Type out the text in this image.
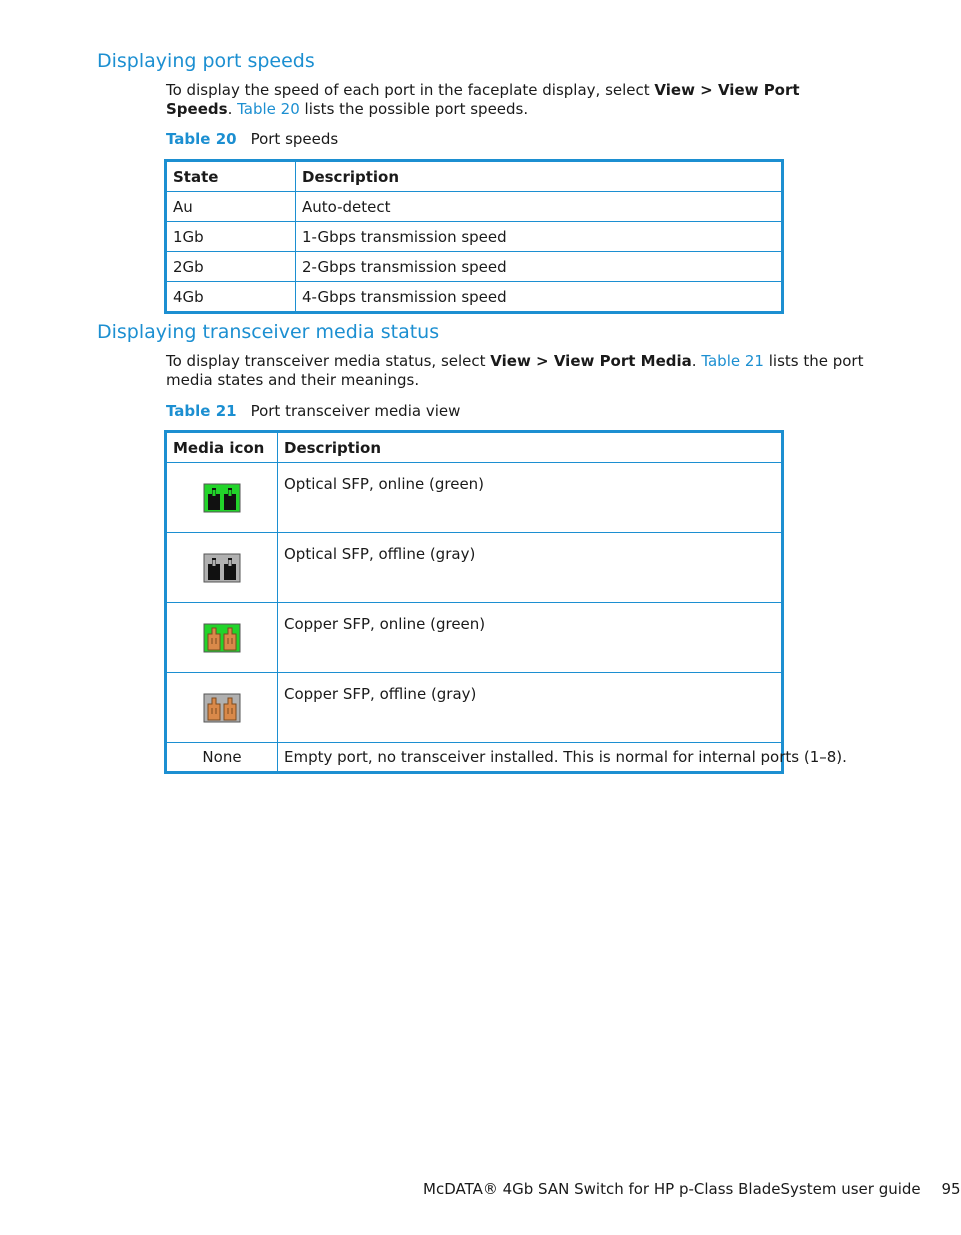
Displaying port speeds

To display the speed of each port in the faceplate display, select View > View Port Speeds. Table 20 lists the possible port speeds.

Table 20 Port speeds
State	Description
Au	Auto-detect
1Gb	1-Gbps transmission speed
2Gb	2-Gbps transmission speed
4Gb	4-Gbps transmission speed
Displaying transceiver media status

To display transceiver media status, select View > View Port Media. Table 21 lists the port media states and their meanings.

Table 21 Port transceiver media view
Media icon	Description

	Optical SFP, online (green)

	Optical SFP, offline (gray)

	Copper SFP, online (green)

	Copper SFP, offline (gray)
None	Empty port, no transceiver installed. This is normal for internal ports (1–8).
McDATA® 4Gb SAN Switch for HP p-Class BladeSystem user guide 95
